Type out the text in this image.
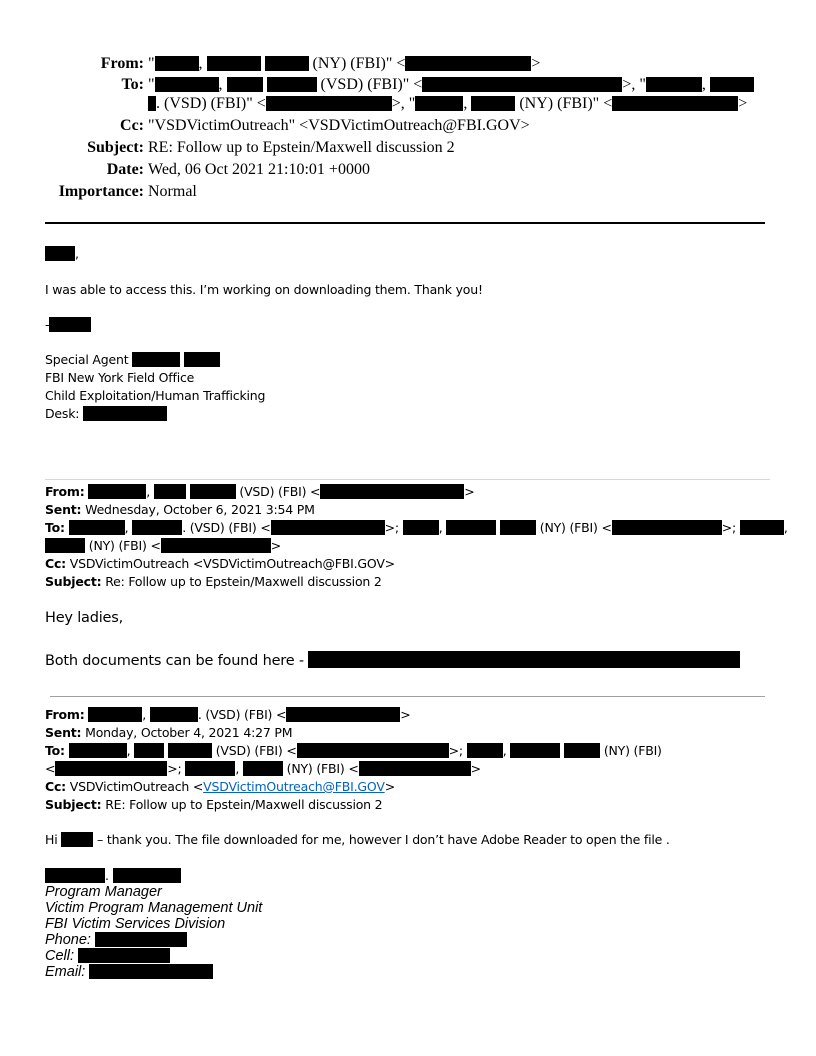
From: "	,	(NY) (FBI)" <	>
To: "	,	(VSD) (FBI)" <	>, "	,
. (VSD) (FBI)" <	>, "	,	(NY) (FBI)" <	>
Cc: "VSDVictimOutreach" <VSDVictimOutreach@FBI.GOV>
Subject: RE: Follow up to Epstein/Maxwell discussion 2
Date: Wed, 06 Oct 2021 21:10:01 +0000
Importance: Normal
,
I was able to access this. I’m working on downloading them. Thank you!
-
Special Agent
FBI New York Field Office
Child Exploitation/Human Trafficking
Desk:
From:	,	(VSD) (FBI) <	>
Sent: Wednesday, October 6, 2021 3:54 PM
To:	,	. (VSD) (FBI) <	>;	,	(NY) (FBI) <	>;	,
(NY) (FBI) <	>
Cc: VSDVictimOutreach <VSDVictimOutreach@FBI.GOV>
Subject: Re: Follow up to Epstein/Maxwell discussion 2
Hey ladies,
Both documents can be found here -
From:	,	. (VSD) (FBI) <	>
Sent: Monday, October 4, 2021 4:27 PM
To:	,	(VSD) (FBI) <	>;	,	(NY) (FBI)
<	>;	,	(NY) (FBI) <	>
Cc: VSDVictimOutreach <VSDVictimOutreach@FBI.GOV>
Subject: RE: Follow up to Epstein/Maxwell discussion 2
Hi	– thank you. The file downloaded for me, however I don’t have Adobe Reader to open the file .
.
Program Manager
Victim Program Management Unit
FBI Victim Services Division
Phone:
Cell:
Email:
